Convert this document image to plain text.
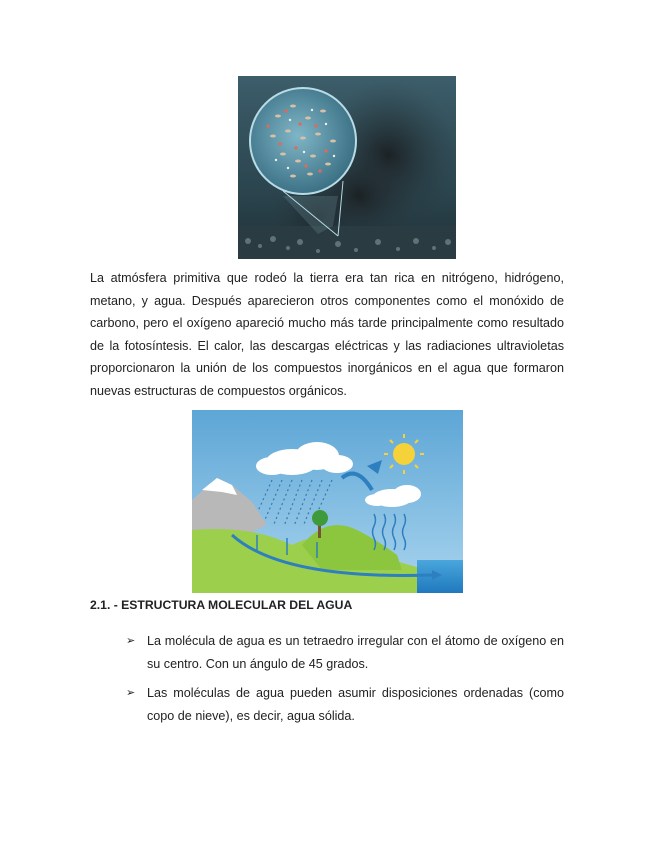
La atmósfera primitiva que rodeó la tierra era tan rica en nitrógeno, hidrógeno, metano, y agua. Después aparecieron otros componentes como el monóxido de carbono, pero el oxígeno apareció mucho más tarde principalmente como resultado de la fotosíntesis. El calor, las descargas eléctricas y las radiaciones ultravioletas proporcionaron la unión de los compuestos inorgánicos en el agua que formaron nuevas estructuras de compuestos orgánicos.

2.1. - ESTRUCTURA MOLECULAR DEL AGUA

➢ La molécula de agua es un tetraedro irregular con el átomo de oxígeno en su centro. Con un ángulo de 45 grados.
➢ Las moléculas de agua pueden asumir disposiciones ordenadas (como copo de nieve), es decir, agua sólida.
